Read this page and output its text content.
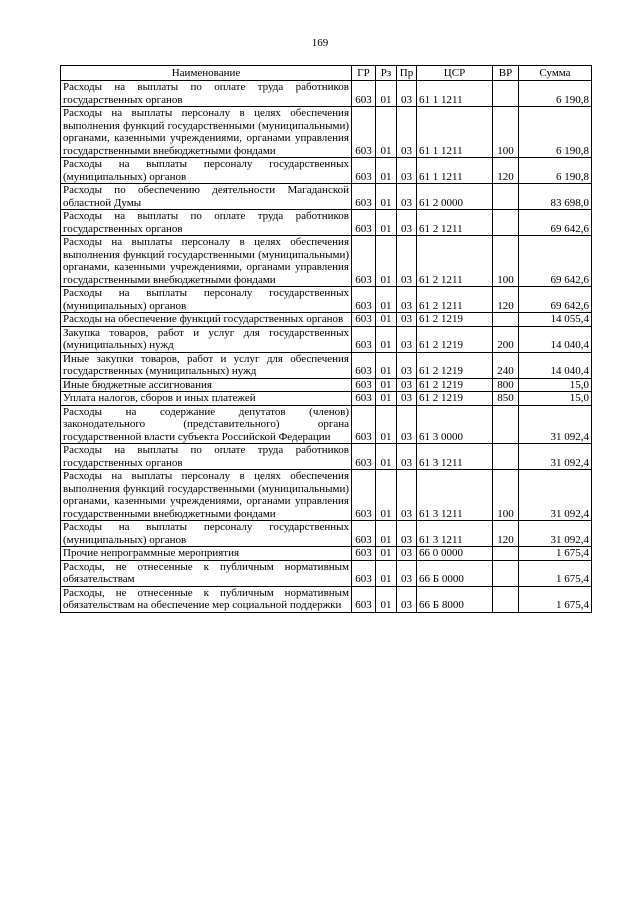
169
Наименование	ГР	Рз	Пр	ЦСР	ВР	Сумма
Расходы на выплаты по оплате труда работников государственных органов	603	01	03	61 1 1211		6 190,8
Расходы на выплаты персоналу в целях обеспечения выполнения функций государственными (муниципальными) органами, казенными учреждениями, органами управления государственными внебюджетными фондами	603	01	03	61 1 1211	100	6 190,8
Расходы на выплаты персоналу государственных (муниципальных) органов	603	01	03	61 1 1211	120	6 190,8
Расходы по обеспечению деятельности Магаданской областной Думы	603	01	03	61 2 0000		83 698,0
Расходы на выплаты по оплате труда работников государственных органов	603	01	03	61 2 1211		69 642,6
Расходы на выплаты персоналу в целях обеспечения выполнения функций государственными (муниципальными) органами, казенными учреждениями, органами управления государственными внебюджетными фондами	603	01	03	61 2 1211	100	69 642,6
Расходы на выплаты персоналу государственных (муниципальных) органов	603	01	03	61 2 1211	120	69 642,6
Расходы на обеспечение функций государственных органов	603	01	03	61 2 1219		14 055,4
Закупка товаров, работ и услуг для государственных (муниципальных) нужд	603	01	03	61 2 1219	200	14 040,4
Иные закупки товаров, работ и услуг для обеспечения государственных (муниципальных) нужд	603	01	03	61 2 1219	240	14 040,4
Иные бюджетные ассигнования	603	01	03	61 2 1219	800	15,0
Уплата налогов, сборов и иных платежей	603	01	03	61 2 1219	850	15,0
Расходы на содержание депутатов (членов) законодательного (представительного) органа государственной власти субъекта Российской Федерации	603	01	03	61 3 0000		31 092,4
Расходы на выплаты по оплате труда работников государственных органов	603	01	03	61 3 1211		31 092,4
Расходы на выплаты персоналу в целях обеспечения выполнения функций государственными (муниципальными) органами, казенными учреждениями, органами управления государственными внебюджетными фондами	603	01	03	61 3 1211	100	31 092,4
Расходы на выплаты персоналу государственных (муниципальных) органов	603	01	03	61 3 1211	120	31 092,4
Прочие непрограммные мероприятия	603	01	03	66 0 0000		1 675,4
Расходы, не отнесенные к публичным нормативным обязательствам	603	01	03	66 Б 0000		1 675,4
Расходы, не отнесенные к публичным нормативным обязательствам на обеспечение мер социальной поддержки	603	01	03	66 Б 8000		1 675,4
